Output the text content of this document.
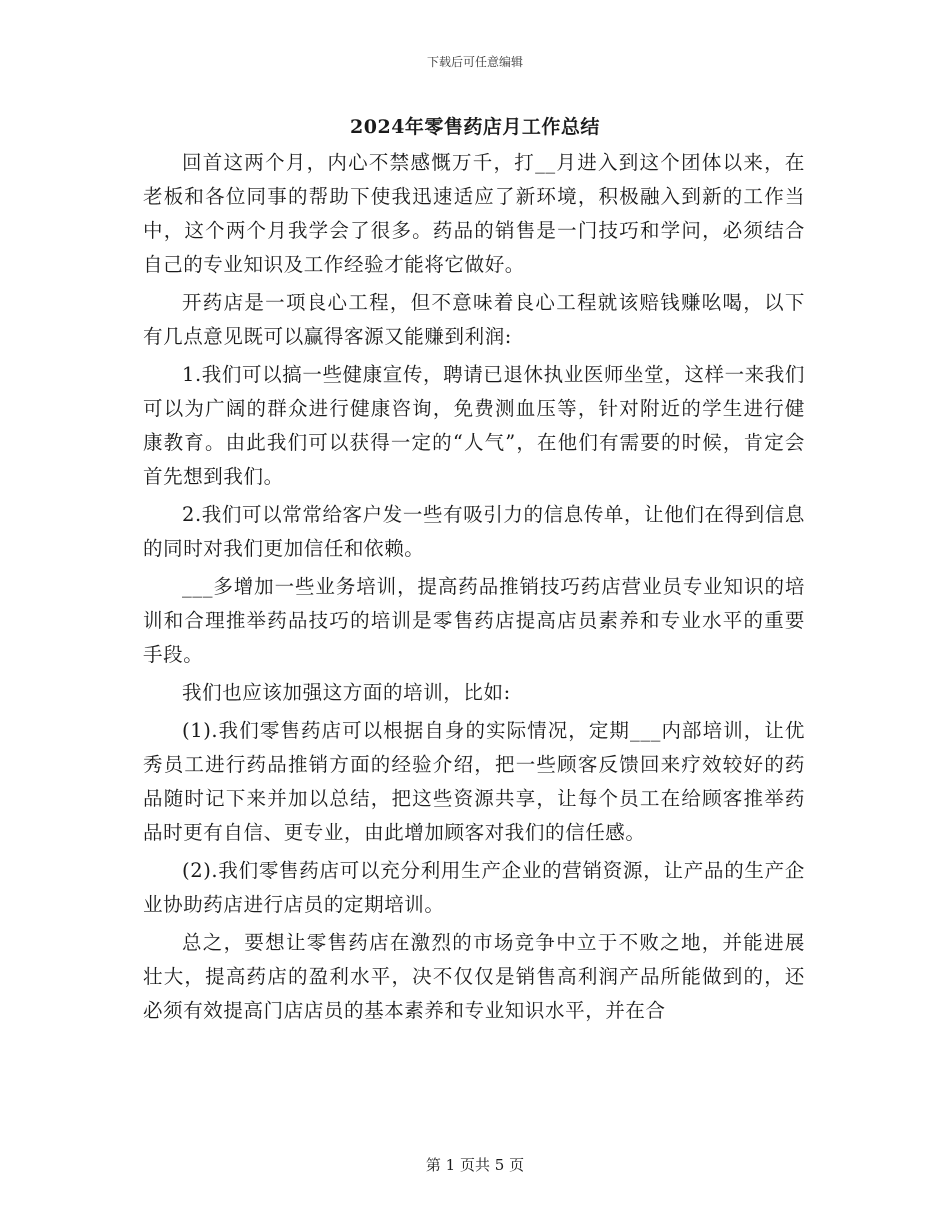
下载后可任意编辑
2024年零售药店月工作总结

回首这两个月，内心不禁感慨万千，打__月进入到这个团体以来，在老板和各位同事的帮助下使我迅速适应了新环境，积极融入到新的工作当中，这个两个月我学会了很多。药品的销售是一门技巧和学问，必须结合自己的专业知识及工作经验才能将它做好。

开药店是一项良心工程，但不意味着良心工程就该赔钱赚吆喝，以下有几点意见既可以赢得客源又能赚到利润:

1.我们可以搞一些健康宣传，聘请已退休执业医师坐堂，这样一来我们可以为广阔的群众进行健康咨询，免费测血压等，针对附近的学生进行健康教育。由此我们可以获得一定的“人气”，在他们有需要的时候，肯定会首先想到我们。

2.我们可以常常给客户发一些有吸引力的信息传单，让他们在得到信息的同时对我们更加信任和依赖。

___多增加一些业务培训，提高药品推销技巧药店营业员专业知识的培训和合理推举药品技巧的培训是零售药店提高店员素养和专业水平的重要手段。

我们也应该加强这方面的培训，比如:

(1).我们零售药店可以根据自身的实际情况，定期___内部培训，让优秀员工进行药品推销方面的经验介绍，把一些顾客反馈回来疗效较好的药品随时记下来并加以总结，把这些资源共享，让每个员工在给顾客推举药品时更有自信、更专业，由此增加顾客对我们的信任感。

(2).我们零售药店可以充分利用生产企业的营销资源，让产品的生产企业协助药店进行店员的定期培训。

总之，要想让零售药店在激烈的市场竞争中立于不败之地，并能进展壮大，提高药店的盈利水平，决不仅仅是销售高利润产品所能做到的，还必须有效提高门店店员的基本素养和专业知识水平，并在合

第 1 页共 5 页
